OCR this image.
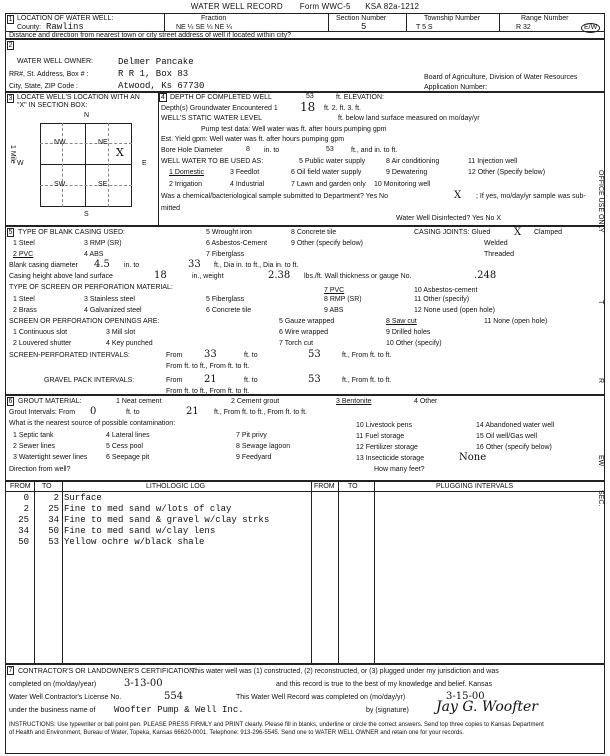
WATER WELL RECORD Form WWC-5 KSA 82a-1212
1 LOCATION OF WATER WELL:
County: Rawlins
Fraction
NE ¼ SE ¼ NE ¼
Section Number
5
Township Number
T 5 S
Range Number
R 32	E/W
Distance and direction from nearest town or city street address of well if located within city?
2
WATER WELL OWNER:	Delmer Pancake
RR#, St. Address, Box # :	R R 1, Box 83
City, State, ZIP Code :	Atwood, Ks 67730
Board of Agriculture, Division of Water Resources
Application Number:
3 LOCATE WELL'S LOCATION WITH AN "X" IN SECTION BOX:
N
S
W	E
1 Mile
NW	NE
SW	SE
X
4 DEPTH OF COMPLETED WELL	53	ft. ELEVATION:
Depth(s) Groundwater Encountered 1 18 ft. 2. ft. 3. ft.
WELL'S STATIC WATER LEVEL	ft. below land surface measured on mo/day/yr
Pump test data: Well water was ft. after hours pumping gpm
Est. Yield gpm: Well water was ft. after hours pumping gpm
Bore Hole Diameter	8 in. to	53 ft., and in. to ft.
WELL WATER TO BE USED AS:
1 Domestic	3 Feedlot
5 Public water supply	8 Air conditioning	11 Injection well
2 Irrigation	4 Industrial	7 Lawn and garden only 10 Monitoring well
12 Other (Specify below)
6 Oil field water supply	9 Dewatering
Was a chemical/bacteriological sample submitted to Department? Yes No	X ; If yes, mo/day/yr sample was sub-
mitted
Water Well Disinfected? Yes No X
5 TYPE OF BLANK CASING USED:
1 Steel	3 RMP (SR)
5 Wrought iron	8 Concrete tile
2 PVC	4 ABS
6 Asbestos-Cement	9 Other (specify below)
7 Fiberglass
CASING JOINTS: Glued X Clamped
Welded
Threaded
Blank casing diameter 4.5 in. to	33 ft., Dia in. to ft., Dia in. to ft.
Casing height above land surface	18	in., weight	2.38 lbs./ft. Wall thickness or gauge No.	.248
TYPE OF SCREEN OR PERFORATION MATERIAL:
1 Steel	3 Stainless steel	5 Fiberglass
7 PVC	10 Asbestos-cement
2 Brass	4 Galvanized steel	6 Concrete tile
8 RMP (SR)	11 Other (specify)
9 ABS	12 None used (open hole)
SCREEN OR PERFORATION OPENINGS ARE:
1 Continuous slot	3 Mill slot
5 Gauze wrapped	8 Saw cut	11 None (open hole)
2 Louvered shutter	4 Key punched
6 Wire wrapped
7 Torch cut
9 Drilled holes
10 Other (specify)
SCREEN-PERFORATED INTERVALS:	From 33	ft. to	53	ft., From ft. to ft.
From ft. to ft., From ft. to ft.
GRAVEL PACK INTERVALS:	From 21	ft. to	53	ft., From ft. to ft.
From ft. to ft., From ft. to ft.
6 GROUT MATERIAL:	1 Neat cement	2 Cement grout	3 Bentonite	4 Other
Grout Intervals: From 0	ft. to	21 ft., From ft. to ft., From ft. to ft.
What is the nearest source of possible contamination:
1 Septic tank	4 Lateral lines	7 Pit privy
10 Livestock pens	14 Abandoned water well
2 Sewer lines	5 Cess pool	8 Sewage lagoon
11 Fuel storage	15 Oil well/Gas well
3 Watertight sewer lines	6 Seepage pit	9 Feedyard
12 Fertilizer storage	16 Other (specify below)
13 Insecticide storage	None
Direction from well?	How many feet?
FROM TO	LITHOLOGIC LOG	FROM TO	PLUGGING INTERVALS
0	2 Surface
2 25 Fine to med sand w/lots of clay
25 34 Fine to med sand & gravel w/clay strks
34 50 Fine to med sand w/clay lens
50 53 Yellow ochre w/black shale
7 CONTRACTOR'S OR LANDOWNER'S CERTIFICATION:
This water well was (1) constructed, (2) reconstructed, or (3) plugged under my jurisdiction and was
completed on (mo/day/year)	3-13-00	and this record is true to the best of my knowledge and belief. Kansas
Water Well Contractor's License No.	554	This Water Well Record was completed on (mo/day/yr)	3-15-00
under the business name of Woofter Pump & Well Inc.	by (signature) Jay G. Woofter
INSTRUCTIONS: Use typewriter or ball point pen. PLEASE PRESS FIRMLY and PRINT clearly. Please fill in blanks, underline or circle the correct answers. Send top three copies to Kansas Department
of Health and Environment, Bureau of Water, Topeka, Kansas 66620-0001. Telephone: 913-296-5545. Send one to WATER WELL OWNER and retain one for your records.
OFFICE USE ONLY
T
R
EW
SEC.
